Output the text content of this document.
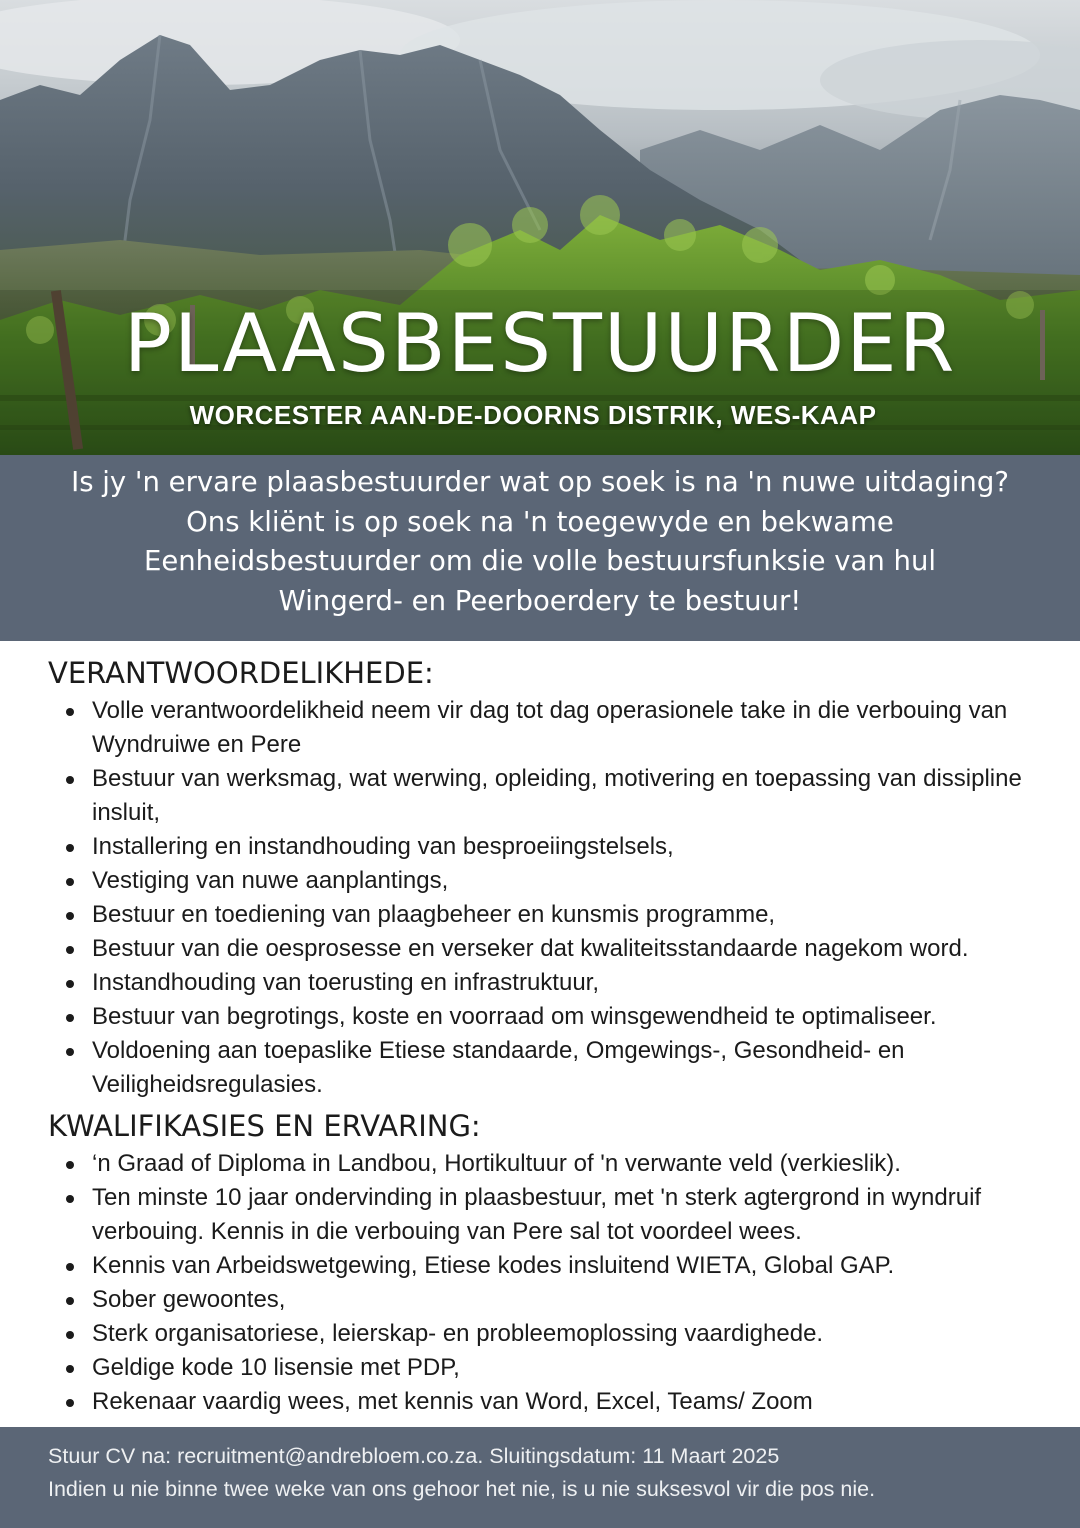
PLAASBESTUURDER

WORCESTER AAN-DE-DOORNS DISTRIK, WES-KAAP

Is jy 'n ervare plaasbestuurder wat op soek is na 'n nuwe uitdaging?
Ons kliënt is op soek na 'n toegewyde en bekwame
Eenheidsbestuurder om die volle bestuursfunksie van hul
Wingerd- en Peerboerdery te bestuur!

VERANTWOORDELIKHEDE:
Volle verantwoordelikheid neem vir dag tot dag operasionele take in die verbouing van Wyndruiwe en Pere
Bestuur van werksmag, wat werwing, opleiding, motivering en toepassing van dissipline insluit,
Installering en instandhouding van besproeiingstelsels,
Vestiging van nuwe aanplantings,
Bestuur en toediening van plaagbeheer en kunsmis programme,
Bestuur van die oesprosesse en verseker dat kwaliteitsstandaarde nagekom word.
Instandhouding van toerusting en infrastruktuur,
Bestuur van begrotings, koste en voorraad om winsgewendheid te optimaliseer.
Voldoening aan toepaslike Etiese standaarde, Omgewings-, Gesondheid- en Veiligheidsregulasies.
KWALIFIKASIES EN ERVARING:
‘n Graad of Diploma in Landbou, Hortikultuur of 'n verwante veld (verkieslik).
Ten minste 10 jaar ondervinding in plaasbestuur, met 'n sterk agtergrond in wyndruif verbouing. Kennis in die verbouing van Pere sal tot voordeel wees.
Kennis van Arbeidswetgewing, Etiese kodes insluitend WIETA, Global GAP.
Sober gewoontes,
Sterk organisatoriese, leierskap- en probleemoplossing vaardighede.
Geldige kode 10 lisensie met PDP,
Rekenaar vaardig wees, met kennis van Word, Excel, Teams/ Zoom

Stuur CV na: recruitment@andrebloem.co.za. Sluitingsdatum: 11 Maart 2025

Indien u nie binne twee weke van ons gehoor het nie, is u nie suksesvol vir die pos nie.
